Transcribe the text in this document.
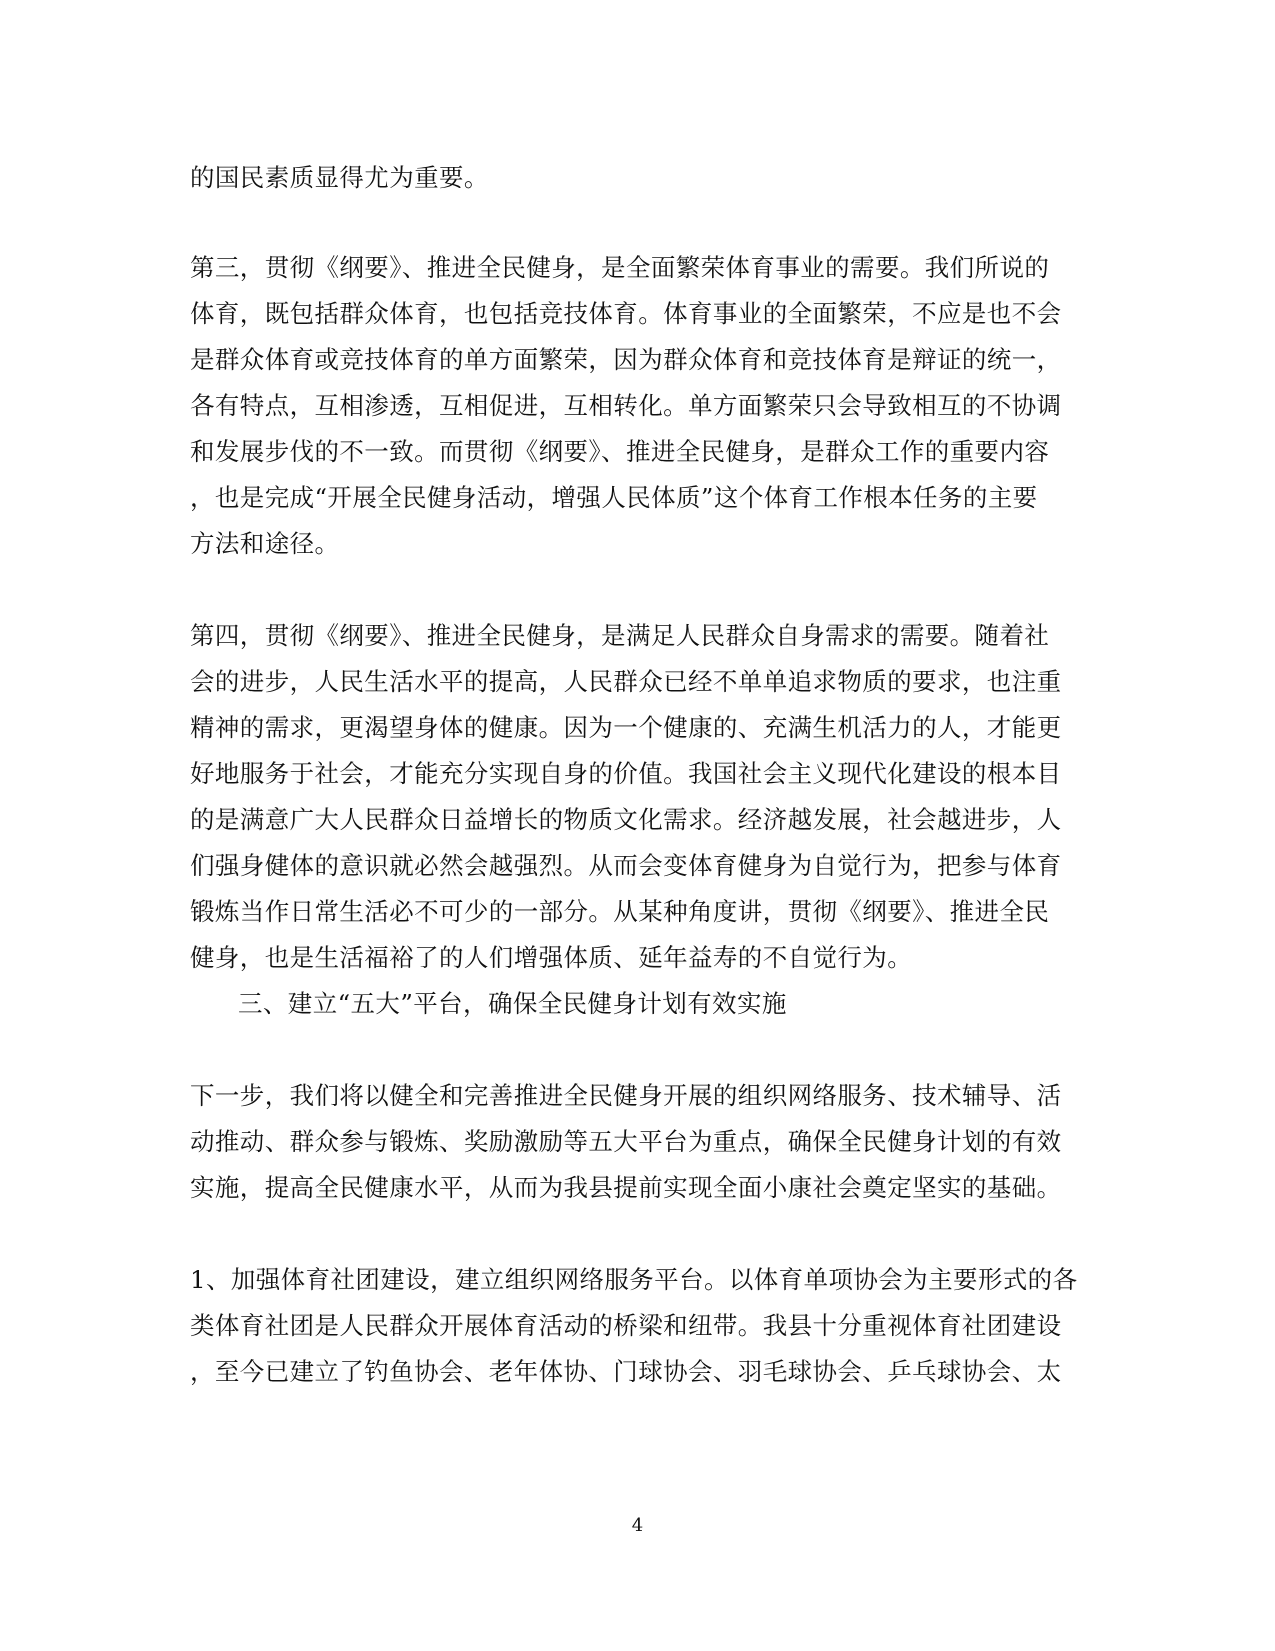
的国民素质显得尤为重要。
第三，贯彻《纲要》、推进全民健身，是全面繁荣体育事业的需要。我们所说的
体育，既包括群众体育，也包括竞技体育。体育事业的全面繁荣，不应是也不会
是群众体育或竞技体育的单方面繁荣，因为群众体育和竞技体育是辩证的统一，
各有特点，互相渗透，互相促进，互相转化。单方面繁荣只会导致相互的不协调
和发展步伐的不一致。而贯彻《纲要》、推进全民健身，是群众工作的重要内容
，也是完成“开展全民健身活动，增强人民体质”这个体育工作根本任务的主要
方法和途径。
第四，贯彻《纲要》、推进全民健身，是满足人民群众自身需求的需要。随着社
会的进步，人民生活水平的提高，人民群众已经不单单追求物质的要求，也注重
精神的需求，更渴望身体的健康。因为一个健康的、充满生机活力的人，才能更
好地服务于社会，才能充分实现自身的价值。我国社会主义现代化建设的根本目
的是满意广大人民群众日益增长的物质文化需求。经济越发展，社会越进步，人
们强身健体的意识就必然会越强烈。从而会变体育健身为自觉行为，把参与体育
锻炼当作日常生活必不可少的一部分。从某种角度讲，贯彻《纲要》、推进全民
健身，也是生活福裕了的人们增强体质、延年益寿的不自觉行为。
三、建立“五大”平台，确保全民健身计划有效实施
下一步，我们将以健全和完善推进全民健身开展的组织网络服务、技术辅导、活
动推动、群众参与锻炼、奖励激励等五大平台为重点，确保全民健身计划的有效
实施，提高全民健康水平，从而为我县提前实现全面小康社会奠定坚实的基础。
1、加强体育社团建设，建立组织网络服务平台。以体育单项协会为主要形式的各
类体育社团是人民群众开展体育活动的桥梁和纽带。我县十分重视体育社团建设
，至今已建立了钓鱼协会、老年体协、门球协会、羽毛球协会、乒乓球协会、太
4
